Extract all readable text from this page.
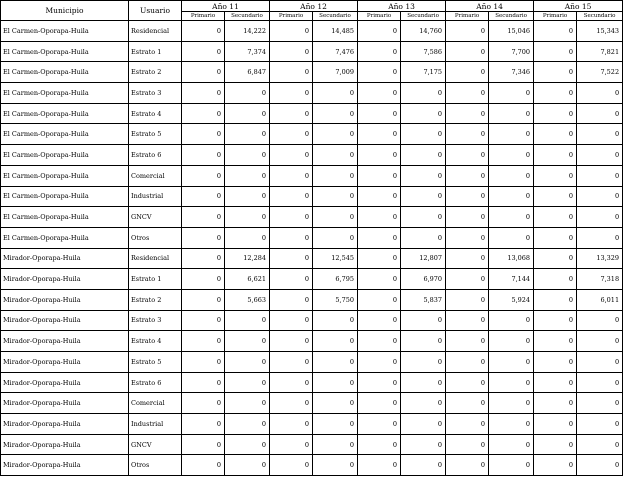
Municipio	Usuario	Año 11		Año 12		Año 13		Año 14		Año 15	
		Primario	Secundario	Primario	Secundario	Primario	Secundario	Primario	Secundario	Primario	Secundario
El Carmen-Oporapa-Huila	Residencial	0	14,222	0	14,485	0	14,760	0	15,046	0	15,343
El Carmen-Oporapa-Huila	Estrato 1	0	7,374	0	7,476	0	7,586	0	7,700	0	7,821
El Carmen-Oporapa-Huila	Estrato 2	0	6,847	0	7,009	0	7,175	0	7,346	0	7,522
El Carmen-Oporapa-Huila	Estrato 3	0	0	0	0	0	0	0	0	0	0
El Carmen-Oporapa-Huila	Estrato 4	0	0	0	0	0	0	0	0	0	0
El Carmen-Oporapa-Huila	Estrato 5	0	0	0	0	0	0	0	0	0	0
El Carmen-Oporapa-Huila	Estrato 6	0	0	0	0	0	0	0	0	0	0
El Carmen-Oporapa-Huila	Comercial	0	0	0	0	0	0	0	0	0	0
El Carmen-Oporapa-Huila	Industrial	0	0	0	0	0	0	0	0	0	0
El Carmen-Oporapa-Huila	GNCV	0	0	0	0	0	0	0	0	0	0
El Carmen-Oporapa-Huila	Otros	0	0	0	0	0	0	0	0	0	0
Mirador-Oporapa-Huila	Residencial	0	12,284	0	12,545	0	12,807	0	13,068	0	13,329
Mirador-Oporapa-Huila	Estrato 1	0	6,621	0	6,795	0	6,970	0	7,144	0	7,318
Mirador-Oporapa-Huila	Estrato 2	0	5,663	0	5,750	0	5,837	0	5,924	0	6,011
Mirador-Oporapa-Huila	Estrato 3	0	0	0	0	0	0	0	0	0	0
Mirador-Oporapa-Huila	Estrato 4	0	0	0	0	0	0	0	0	0	0
Mirador-Oporapa-Huila	Estrato 5	0	0	0	0	0	0	0	0	0	0
Mirador-Oporapa-Huila	Estrato 6	0	0	0	0	0	0	0	0	0	0
Mirador-Oporapa-Huila	Comercial	0	0	0	0	0	0	0	0	0	0
Mirador-Oporapa-Huila	Industrial	0	0	0	0	0	0	0	0	0	0
Mirador-Oporapa-Huila	GNCV	0	0	0	0	0	0	0	0	0	0
Mirador-Oporapa-Huila	Otros	0	0	0	0	0	0	0	0	0	0
